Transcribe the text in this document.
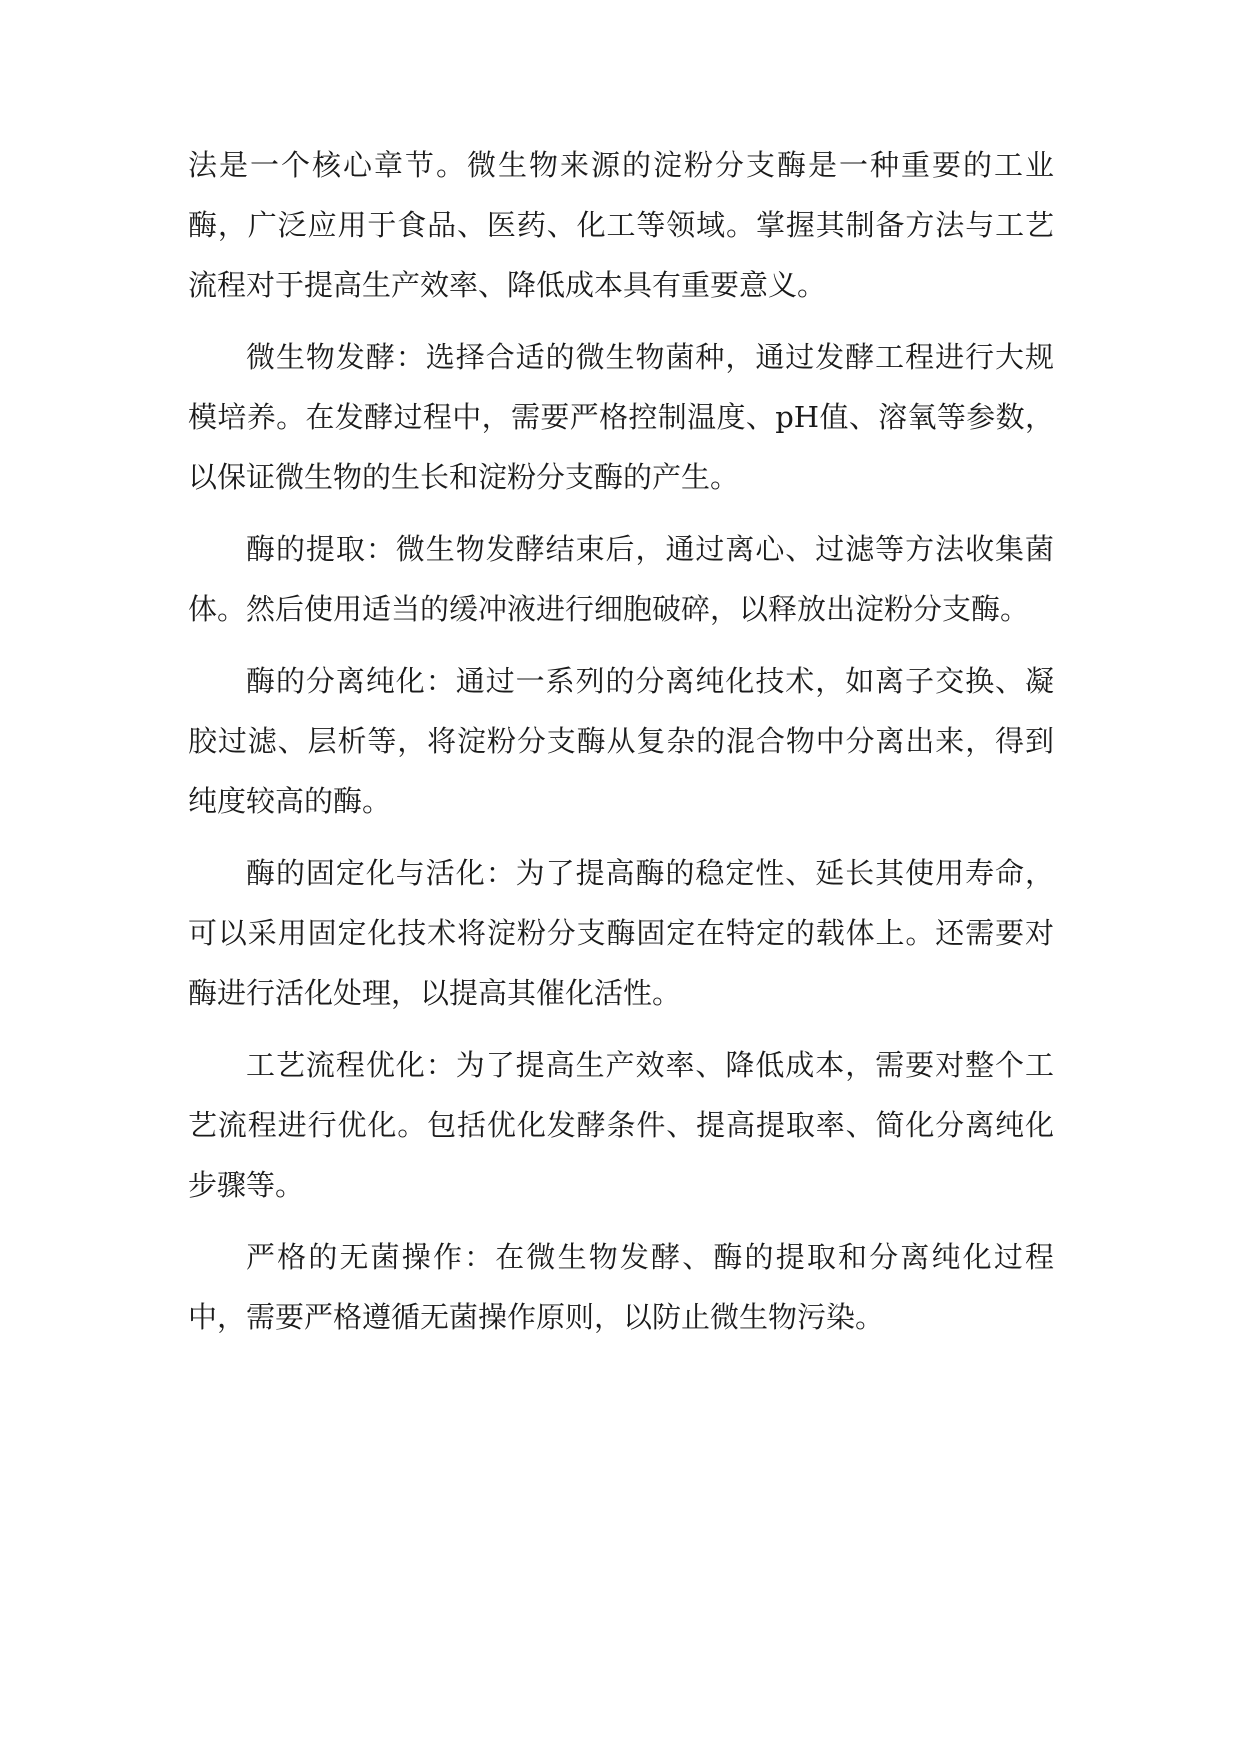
法是一个核心章节。微生物来源的淀粉分支酶是一种重要的工业酶，广泛应用于食品、医药、化工等领域。掌握其制备方法与工艺流程对于提高生产效率、降低成本具有重要意义。

微生物发酵：选择合适的微生物菌种，通过发酵工程进行大规模培养。在发酵过程中，需要严格控制温度、pH值、溶氧等参数，以保证微生物的生长和淀粉分支酶的产生。

酶的提取：微生物发酵结束后，通过离心、过滤等方法收集菌体。然后使用适当的缓冲液进行细胞破碎，以释放出淀粉分支酶。

酶的分离纯化：通过一系列的分离纯化技术，如离子交换、凝胶过滤、层析等，将淀粉分支酶从复杂的混合物中分离出来，得到纯度较高的酶。

酶的固定化与活化：为了提高酶的稳定性、延长其使用寿命，可以采用固定化技术将淀粉分支酶固定在特定的载体上。还需要对酶进行活化处理，以提高其催化活性。

工艺流程优化：为了提高生产效率、降低成本，需要对整个工艺流程进行优化。包括优化发酵条件、提高提取率、简化分离纯化步骤等。

严格的无菌操作：在微生物发酵、酶的提取和分离纯化过程中，需要严格遵循无菌操作原则，以防止微生物污染。
